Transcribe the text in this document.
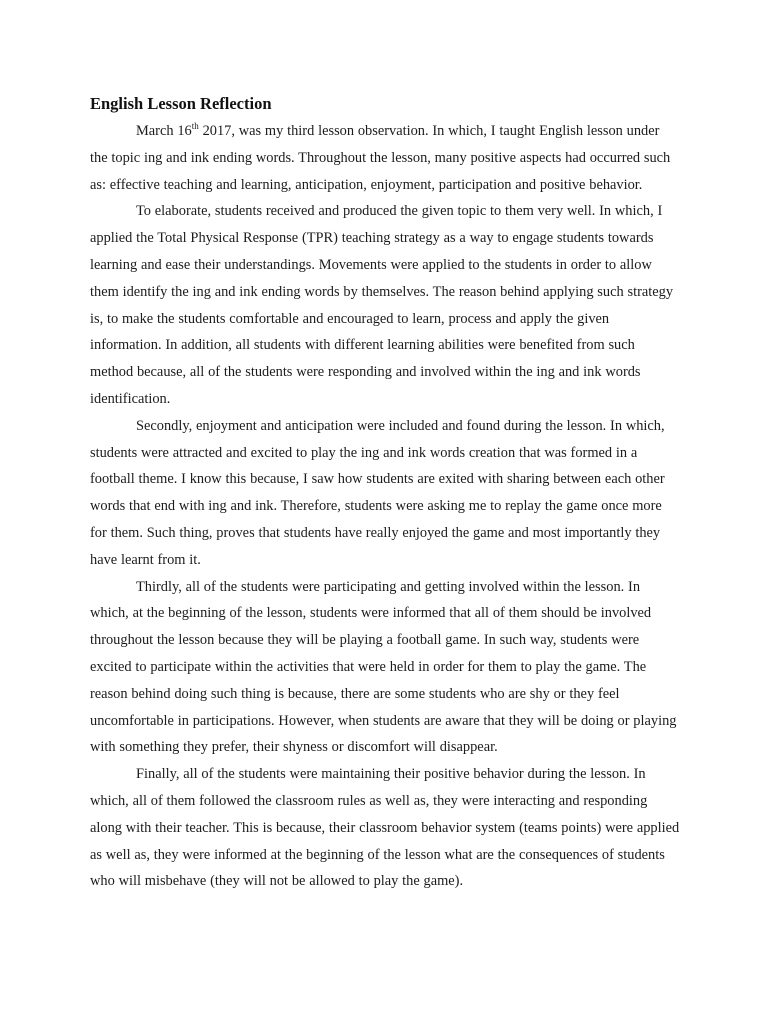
English Lesson Reflection

March 16th 2017, was my third lesson observation. In which, I taught English lesson under the topic ing and ink ending words. Throughout the lesson, many positive aspects had occurred such as: effective teaching and learning, anticipation, enjoyment, participation and positive behavior.

To elaborate, students received and produced the given topic to them very well. In which, I applied the Total Physical Response (TPR) teaching strategy as a way to engage students towards learning and ease their understandings. Movements were applied to the students in order to allow them identify the ing and ink ending words by themselves. The reason behind applying such strategy is, to make the students comfortable and encouraged to learn, process and apply the given information. In addition, all students with different learning abilities were benefited from such method because, all of the students were responding and involved within the ing and ink words identification.

Secondly, enjoyment and anticipation were included and found during the lesson. In which, students were attracted and excited to play the ing and ink words creation that was formed in a football theme. I know this because, I saw how students are exited with sharing between each other words that end with ing and ink. Therefore, students were asking me to replay the game once more for them. Such thing, proves that students have really enjoyed the game and most importantly they have learnt from it.

Thirdly, all of the students were participating and getting involved within the lesson. In which, at the beginning of the lesson, students were informed that all of them should be involved throughout the lesson because they will be playing a football game. In such way, students were excited to participate within the activities that were held in order for them to play the game. The reason behind doing such thing is because, there are some students who are shy or they feel uncomfortable in participations. However, when students are aware that they will be doing or playing with something they prefer, their shyness or discomfort will disappear.

Finally, all of the students were maintaining their positive behavior during the lesson. In which, all of them followed the classroom rules as well as, they were interacting and responding along with their teacher. This is because, their classroom behavior system (teams points) were applied as well as, they were informed at the beginning of the lesson what are the consequences of students who will misbehave (they will not be allowed to play the game).
